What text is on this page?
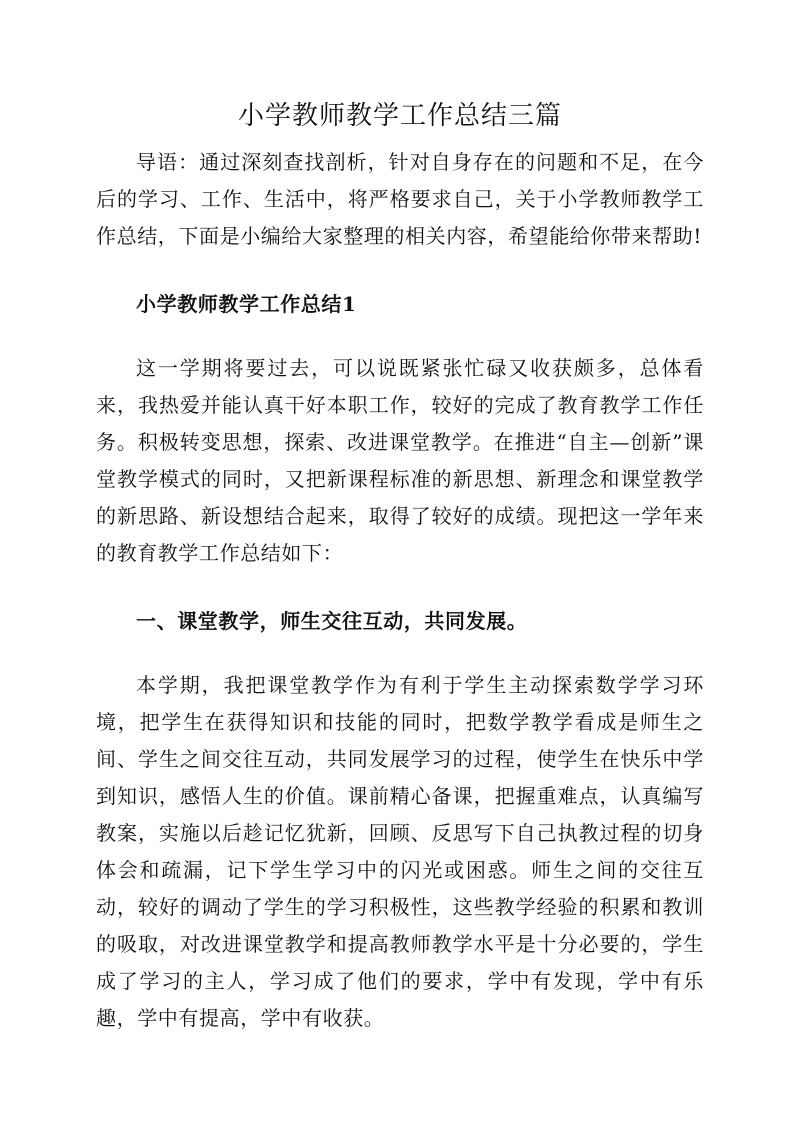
小学教师教学工作总结三篇

导语：通过深刻查找剖析，针对自身存在的问题和不足，在今后的学习、工作、生活中，将严格要求自己，关于小学教师教学工作总结，下面是小编给大家整理的相关内容，希望能给你带来帮助!

小学教师教学工作总结1

这一学期将要过去，可以说既紧张忙碌又收获颇多，总体看来，我热爱并能认真干好本职工作，较好的完成了教育教学工作任务。积极转变思想，探索、改进课堂教学。在推进“自主—创新”课堂教学模式的同时，又把新课程标准的新思想、新理念和课堂教学的新思路、新设想结合起来，取得了较好的成绩。现把这一学年来的教育教学工作总结如下：

一、课堂教学，师生交往互动，共同发展。

本学期，我把课堂教学作为有利于学生主动探索数学学习环境，把学生在获得知识和技能的同时，把数学教学看成是师生之间、学生之间交往互动，共同发展学习的过程，使学生在快乐中学到知识，感悟人生的价值。课前精心备课，把握重难点，认真编写教案，实施以后趁记忆犹新，回顾、反思写下自己执教过程的切身体会和疏漏，记下学生学习中的闪光或困惑。师生之间的交往互动，较好的调动了学生的学习积极性，这些教学经验的积累和教训的吸取，对改进课堂教学和提高教师教学水平是十分必要的，学生成了学习的主人，学习成了他们的要求，学中有发现，学中有乐趣，学中有提高，学中有收获。
